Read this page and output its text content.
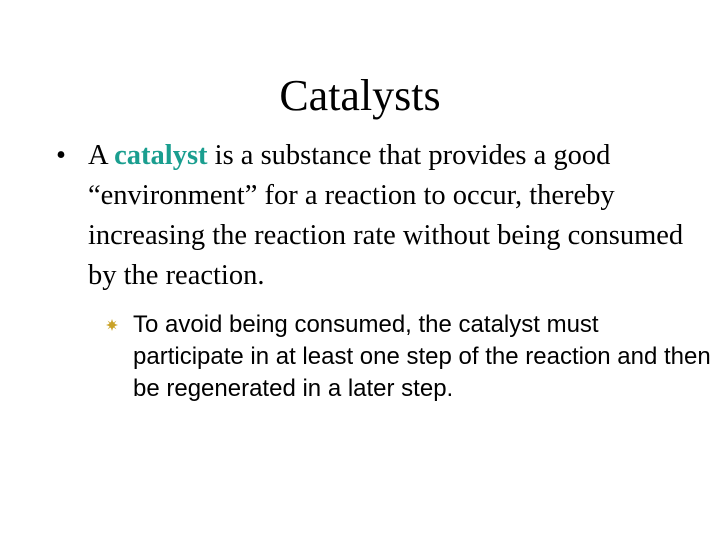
Catalysts
• A catalyst is a substance that provides a good “environment” for a reaction to occur, thereby increasing the reaction rate without being consumed by the reaction.
To avoid being consumed, the catalyst must participate in at least one step of the reaction and then be regenerated in a later step.
